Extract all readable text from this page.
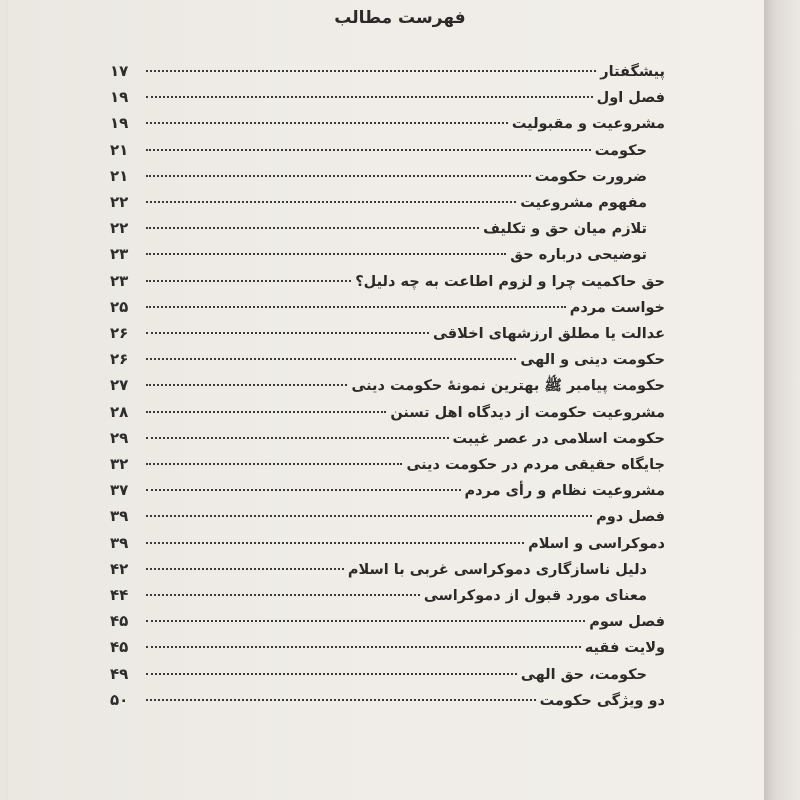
فهرست مطالب
۱۷	پیشگفتار
۱۹	فصل اول
۱۹	مشروعیت و مقبولیت
۲۱	حکومت
۲۱	ضرورت حکومت
۲۲	مفهوم مشروعیت
۲۲	تلازم میان حق و تکلیف
۲۳	توضیحی درباره حق
۲۳	حق حاکمیت چرا و لزوم اطاعت به چه دلیل؟
۲۵	خواست مردم
۲۶	عدالت یا مطلق ارزشهای اخلاقی
۲۶	حکومت دینی و الهی
۲۷	حکومت پیامبر ﷺ بهترین نمونهٔ حکومت دینی
۲۸	مشروعیت حکومت از دیدگاه اهل تسنن
۲۹	حکومت اسلامی در عصر غیبت
۳۲	جایگاه حقیقی مردم در حکومت دینی
۳۷	مشروعیت نظام و رأی مردم
۳۹	فصل دوم
۳۹	دموکراسی و اسلام
۴۲	دلیل ناسازگاری دموکراسی غربی با اسلام
۴۴	معنای مورد قبول از دموکراسی
۴۵	فصل سوم
۴۵	ولایت فقیه
۴۹	حکومت، حق الهی
۵۰	دو ویژگی حکومت
